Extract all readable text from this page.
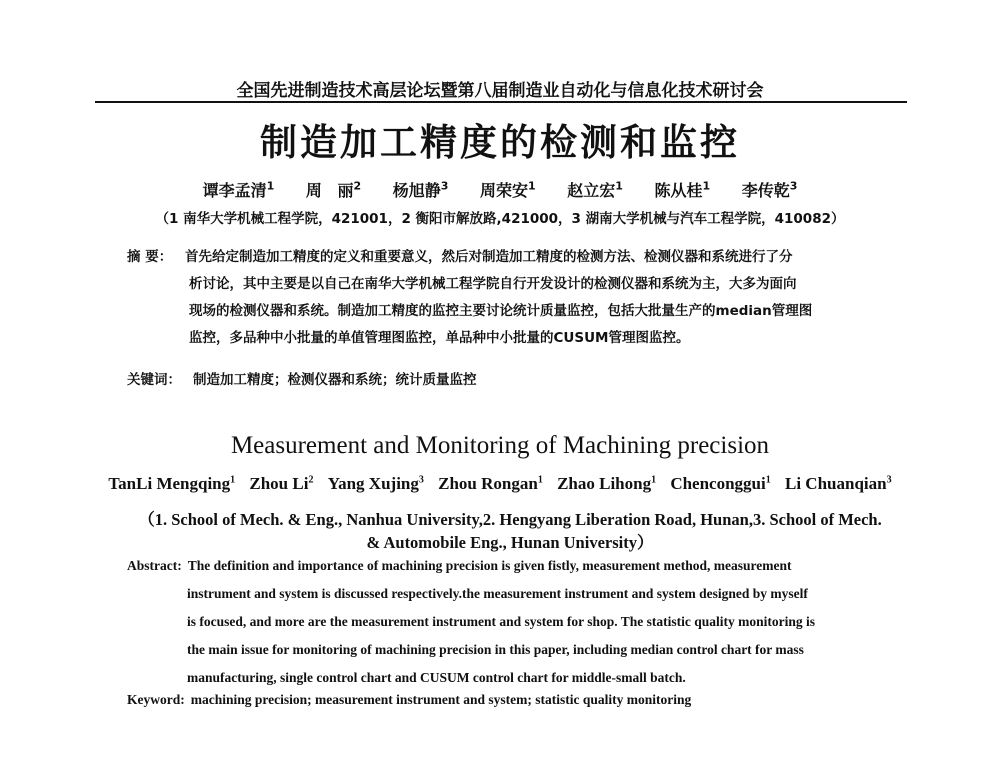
全国先进制造技术高层论坛暨第八届制造业自动化与信息化技术研讨会
制造加工精度的检测和监控
谭李孟清$^1$ 周 丽$^2$ 杨旭静$^3$ 周荣安$^1$ 赵立宏$^1$ 陈从桂$^1$ 李传乾$^3$
（1 南华大学机械工程学院，421001，2 衡阳市解放路,421000，3 湖南大学机械与汽车工程学院，410082）
摘 要： 首先给定制造加工精度的定义和重要意义，然后对制造加工精度的检测方法、检测仪器和系统进行了分
析讨论，其中主要是以自己在南华大学机械工程学院自行开发设计的检测仪器和系统为主，大多为面向
现场的检测仪器和系统。制造加工精度的监控主要讨论统计质量监控，包括大批量生产的median管理图
监控，多品种中小批量的单值管理图监控，单品种中小批量的CUSUM管理图监控。
关键词： 制造加工精度；检测仪器和系统；统计质量监控
Measurement and Monitoring of Machining precision
TanLi Mengqing$^1$ Zhou Li$^2$ Yang Xujing$^3$ Zhou Rongan$^1$ Zhao Lihong$^1$ Chenconggui$^1$ Li Chuanqian$^3$
（1. School of Mech. & Eng., Nanhua University,2. Hengyang Liberation Road, Hunan,3. School of Mech.
& Automobile Eng., Hunan University）
Abstract: The definition and importance of machining precision is given fistly, measurement method, measurement
instrument and system is discussed respectively.the measurement instrument and system designed by myself
is focused, and more are the measurement instrument and system for shop. The statistic quality monitoring is
the main issue for monitoring of machining precision in this paper, including median control chart for mass
manufacturing, single control chart and CUSUM control chart for middle-small batch.
Keyword: machining precision; measurement instrument and system; statistic quality monitoring
